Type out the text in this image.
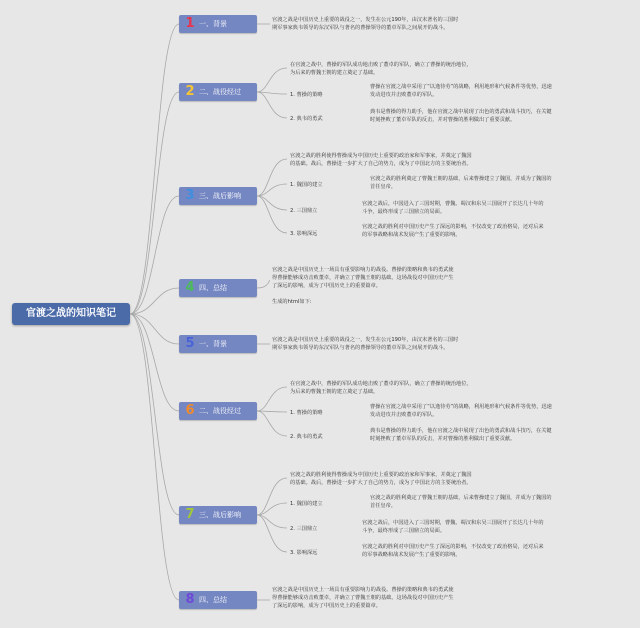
官渡之战的知识笔记
1 一、背景	官渡之战是中国历史上重要的战役之一，发生在公元190年，由汉末著名的三国时
期军事家典韦领导的东汉军队与著名的曹操领导的董卓军队之间展开的战斗。
2 二、战役经过
在官渡之战中，曹操的军队成功地击败了董卓的军队，确立了曹操的统治地位，
为后来的曹魏王朝的建立奠定了基础。
1. 曹操的策略
曹操在官渡之战中采用了“以逸待劳”的战略，利用地形和气候条件等优势，迅速
发动进攻并击败董卓的军队。
2. 典韦的勇武
典韦是曹操的得力助手，他在官渡之战中展现了出色的勇武和战斗技巧，在关键
时刻挫败了董卓军队的反击，并对曹操的胜利做出了重要贡献。
3 三、战后影响
官渡之战的胜利使得曹操成为中国历史上重要的政治家和军事家，并奠定了魏国
的基础。战后，曹操进一步扩大了自己的势力，成为了中国北方的主要统治者。
1. 魏国的建立
官渡之战的胜利奠定了曹魏王朝的基础，后来曹操建立了魏国，并成为了魏国的
首任皇帝。
2. 三国鼎立
官渡之战后，中国进入了三国时期，曹魏、蜀汉和东吴三国展开了长达几十年的
斗争，最终形成了三国鼎立的局面。
3. 影响深远
官渡之战的胜利对中国历史产生了深远的影响，不仅改变了政治格局，还对后来
的军事战略和战术发展产生了重要的影响。
4 四、总结
官渡之战是中国历史上一场具有重要影响力的战役。曹操的策略和典韦的勇武使
得曹操能够成功击败董卓，并确立了曹魏王朝的基础。这场战役对中国历史产生
了深远的影响，成为了中国历史上的重要篇章。

生成的html如下:
5 一、背景	官渡之战是中国历史上重要的战役之一，发生在公元190年，由汉末著名的三国时
期军事家典韦领导的东汉军队与著名的曹操领导的董卓军队之间展开的战斗。
6 二、战役经过
在官渡之战中，曹操的军队成功地击败了董卓的军队，确立了曹操的统治地位，
为后来的曹魏王朝的建立奠定了基础。
1. 曹操的策略
曹操在官渡之战中采用了“以逸待劳”的战略，利用地形和气候条件等优势，迅速
发动进攻并击败董卓的军队。
2. 典韦的勇武
典韦是曹操的得力助手，他在官渡之战中展现了出色的勇武和战斗技巧，在关键
时刻挫败了董卓军队的反击，并对曹操的胜利做出了重要贡献。
7 三、战后影响
官渡之战的胜利使得曹操成为中国历史上重要的政治家和军事家，并奠定了魏国
的基础。战后，曹操进一步扩大了自己的势力，成为了中国北方的主要统治者。
1. 魏国的建立
官渡之战的胜利奠定了曹魏王朝的基础，后来曹操建立了魏国，并成为了魏国的
首任皇帝。
2. 三国鼎立
官渡之战后，中国进入了三国时期，曹魏、蜀汉和东吴三国展开了长达几十年的
斗争，最终形成了三国鼎立的局面。
3. 影响深远
官渡之战的胜利对中国历史产生了深远的影响，不仅改变了政治格局，还对后来
的军事战略和战术发展产生了重要的影响。
8 四、总结
官渡之战是中国历史上一场具有重要影响力的战役。曹操的策略和典韦的勇武使
得曹操能够成功击败董卓，并确立了曹魏王朝的基础。这场战役对中国历史产生
了深远的影响，成为了中国历史上的重要篇章。
